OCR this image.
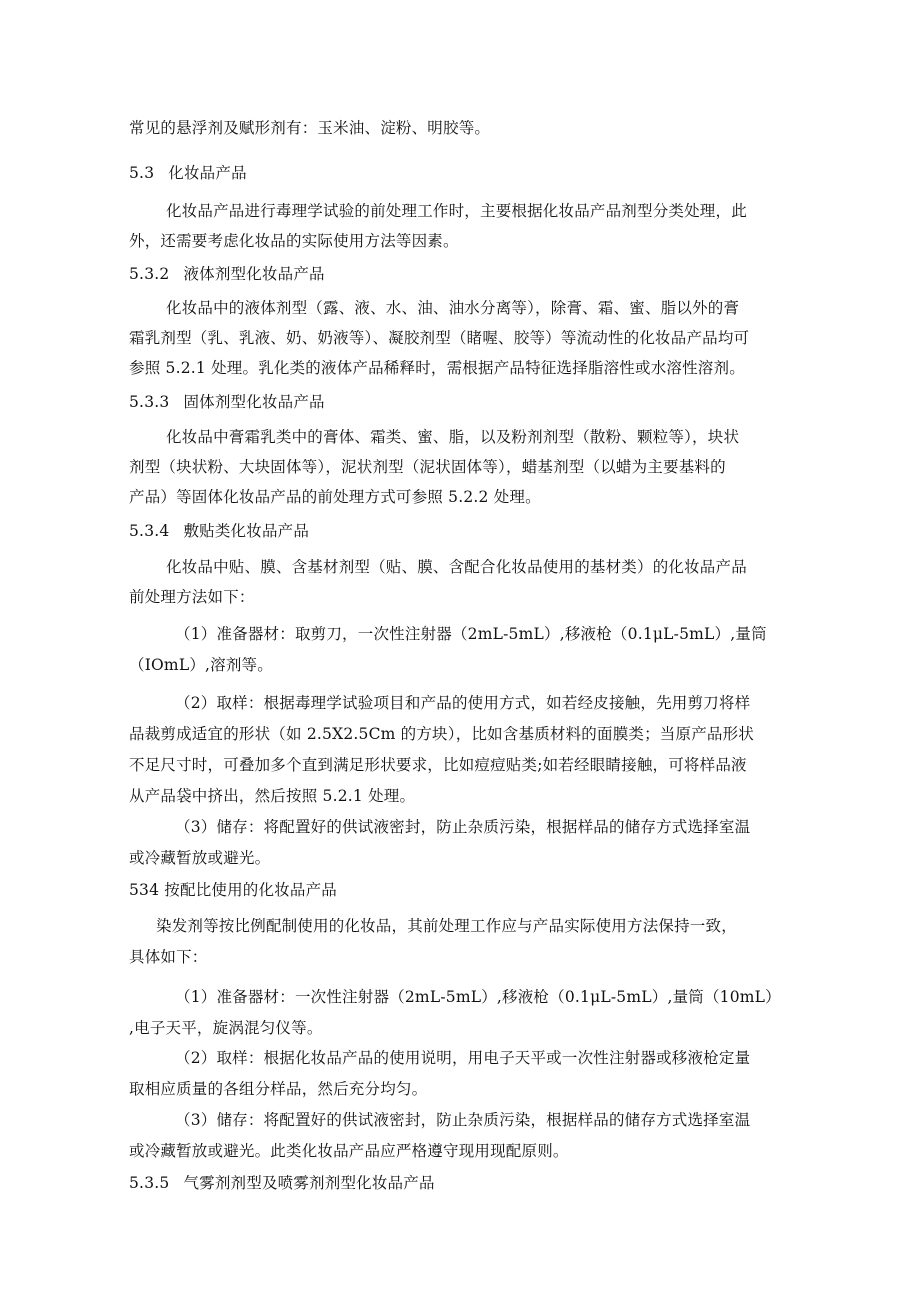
常见的悬浮剂及赋形剂有：玉米油、淀粉、明胶等。
5.3 化妆品产品
化妆品产品进行毒理学试验的前处理工作时，主要根据化妆品产品剂型分类处理，此
外，还需要考虑化妆品的实际使用方法等因素。
5.3.2 液体剂型化妆品产品
化妆品中的液体剂型（露、液、水、油、油水分离等），除膏、霜、蜜、脂以外的膏
霜乳剂型（乳、乳液、奶、奶液等）、凝胶剂型（睹喔、胶等）等流动性的化妆品产品均可
参照 5.2.1 处理。乳化类的液体产品稀释时，需根据产品特征选择脂溶性或水溶性溶剂。
5.3.3 固体剂型化妆品产品
化妆品中膏霜乳类中的膏体、霜类、蜜、脂，以及粉剂剂型（散粉、颗粒等），块状
剂型（块状粉、大块固体等），泥状剂型（泥状固体等），蜡基剂型（以蜡为主要基料的
产品）等固体化妆品产品的前处理方式可参照 5.2.2 处理。
5.3.4 敷贴类化妆品产品
化妆品中贴、膜、含基材剂型（贴、膜、含配合化妆品使用的基材类）的化妆品产品
前处理方法如下：
（1）准备器材：取剪刀，一次性注射器（2mL-5mL）,移液枪（0.1μL-5mL）,量筒
（IOmL）,溶剂等。
（2）取样：根据毒理学试验项目和产品的使用方式，如若经皮接触，先用剪刀将样
品裁剪成适宜的形状（如 2.5X2.5Cm 的方块），比如含基质材料的面膜类；当原产品形状
不足尺寸时，可叠加多个直到满足形状要求，比如痘痘贴类;如若经眼睛接触，可将样品液
从产品袋中挤出，然后按照 5.2.1 处理。
（3）储存：将配置好的供试液密封，防止杂质污染，根据样品的储存方式选择室温
或冷藏暂放或避光。
534 按配比使用的化妆品产品
染发剂等按比例配制使用的化妆品，其前处理工作应与产品实际使用方法保持一致，
具体如下：
（1）准备器材：一次性注射器（2mL-5mL）,移液枪（0.1μL-5mL）,量筒（10mL）
,电子天平，旋涡混匀仪等。
（2）取样：根据化妆品产品的使用说明，用电子天平或一次性注射器或移液枪定量
取相应质量的各组分样品，然后充分均匀。
（3）储存：将配置好的供试液密封，防止杂质污染，根据样品的储存方式选择室温
或冷藏暂放或避光。此类化妆品产品应严格遵守现用现配原则。
5.3.5 气雾剂剂型及喷雾剂剂型化妆品产品
